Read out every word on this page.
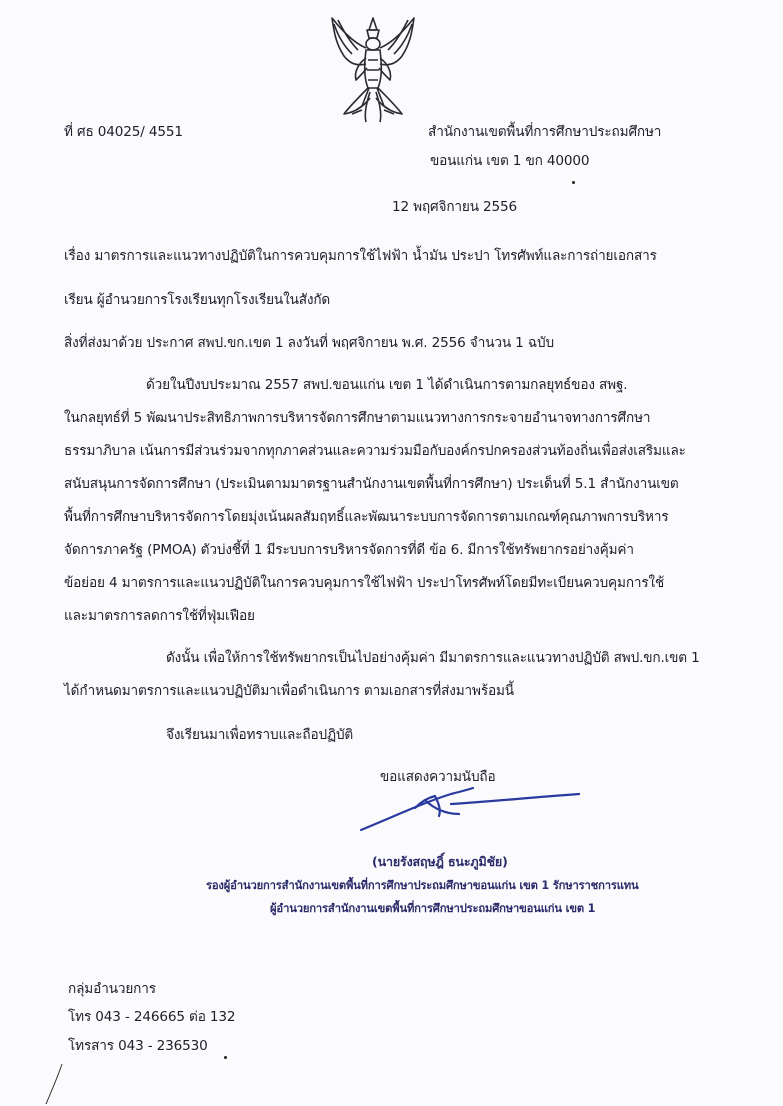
ที่ ศธ 04025/ 4551	สำนักงานเขตพื้นที่การศึกษาประถมศึกษา
ขอนแก่น เขต 1 ขก 40000
12 พฤศจิกายน 2556
เรื่อง มาตรการและแนวทางปฏิบัติในการควบคุมการใช้ไฟฟ้า น้ำมัน ประปา โทรศัพท์และการถ่ายเอกสาร
เรียน ผู้อำนวยการโรงเรียนทุกโรงเรียนในสังกัด
สิ่งที่ส่งมาด้วย ประกาศ สพป.ขก.เขต 1 ลงวันที่ พฤศจิกายน พ.ศ. 2556 จำนวน 1 ฉบับ
ด้วยในปีงบประมาณ 2557 สพป.ขอนแก่น เขต 1 ได้ดำเนินการตามกลยุทธ์ของ สพฐ.
ในกลยุทธ์ที่ 5 พัฒนาประสิทธิภาพการบริหารจัดการศึกษาตามแนวทางการกระจายอำนาจทางการศึกษา
ธรรมาภิบาล เน้นการมีส่วนร่วมจากทุกภาคส่วนและความร่วมมือกับองค์กรปกครองส่วนท้องถิ่นเพื่อส่งเสริมและ
สนับสนุนการจัดการศึกษา (ประเมินตามมาตรฐานสำนักงานเขตพื้นที่การศึกษา) ประเด็นที่ 5.1 สำนักงานเขต
พื้นที่การศึกษาบริหารจัดการโดยมุ่งเน้นผลสัมฤทธิ์และพัฒนาระบบการจัดการตามเกณฑ์คุณภาพการบริหาร
จัดการภาครัฐ (PMOA) ตัวบ่งชี้ที่ 1 มีระบบการบริหารจัดการที่ดี ข้อ 6. มีการใช้ทรัพยากรอย่างคุ้มค่า
ข้อย่อย 4 มาตรการและแนวปฏิบัติในการควบคุมการใช้ไฟฟ้า ประปาโทรศัพท์โดยมีทะเบียนควบคุมการใช้
และมาตรการลดการใช้ที่ฟุ่มเฟือย
ดังนั้น เพื่อให้การใช้ทรัพยากรเป็นไปอย่างคุ้มค่า มีมาตรการและแนวทางปฏิบัติ สพป.ขก.เขต 1
ได้กำหนดมาตรการและแนวปฏิบัติมาเพื่อดำเนินการ ตามเอกสารที่ส่งมาพร้อมนี้
จึงเรียนมาเพื่อทราบและถือปฏิบัติ
ขอแสดงความนับถือ
(นายรังสฤษฎิ์ ธนะภูมิชัย)
รองผู้อำนวยการสำนักงานเขตพื้นที่การศึกษาประถมศึกษาขอนแก่น เขต 1 รักษาราชการแทน
ผู้อำนวยการสำนักงานเขตพื้นที่การศึกษาประถมศึกษาขอนแก่น เขต 1
กลุ่มอำนวยการ
โทร 043 - 246665 ต่อ 132
โทรสาร 043 - 236530
